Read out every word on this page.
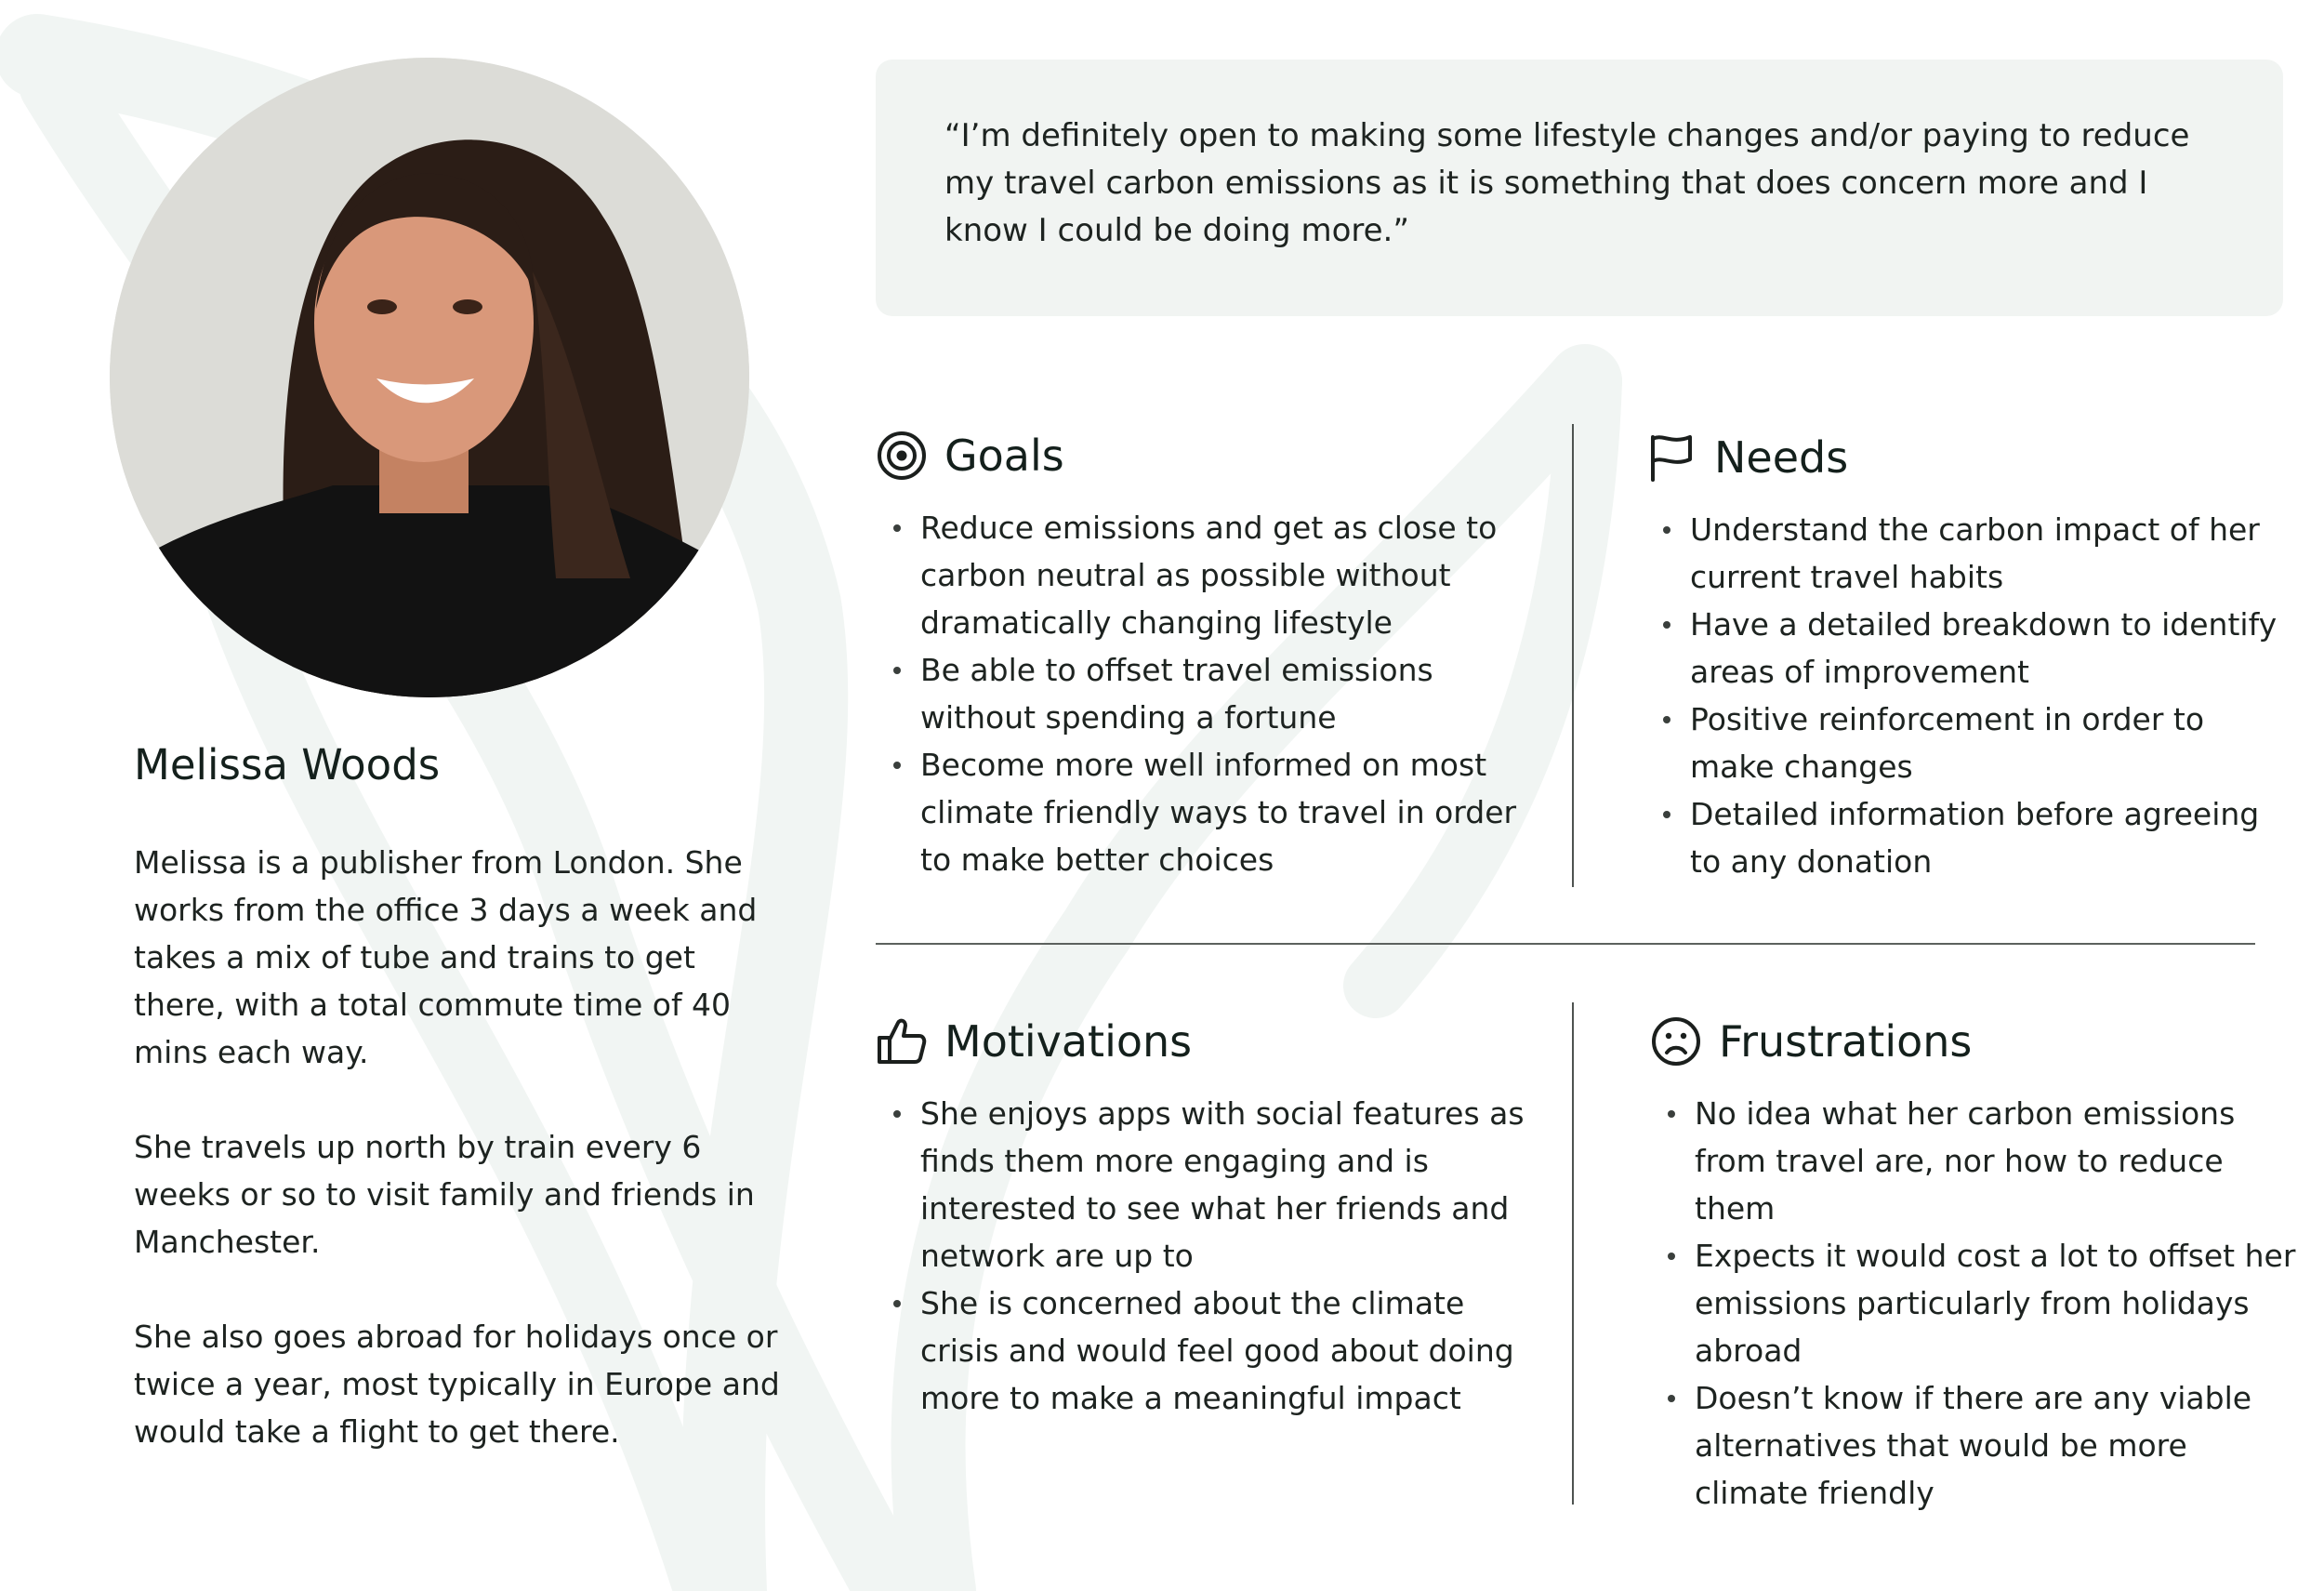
Melissa Woods

Melissa is a publisher from London. She works from the office 3 days a week and takes a mix of tube and trains to get there, with a total commute time of 40 mins each way.

She travels up north by train every 6 weeks or so to visit family and friends in Manchester.

She also goes abroad for holidays once or twice a year, most typically in Europe and would take a flight to get there.

“I’m definitely open to making some lifestyle changes and/or paying to reduce my travel carbon emissions as it is something that does concern more and I know I could be doing more.”
Goals
Reduce emissions and get as close to carbon neutral as possible without dramatically changing lifestyle
Be able to offset travel emissions without spending a fortune
Become more well informed on most climate friendly ways to travel in order to make better choices
Needs
Understand the carbon impact of her current travel habits
Have a detailed breakdown to identify areas of improvement
Positive reinforcement in order to make changes
Detailed information before agreeing to any donation
Motivations
She enjoys apps with social features as finds them more engaging and is interested to see what her friends and network are up to
She is concerned about the climate crisis and would feel good about doing more to make a meaningful impact
Frustrations
No idea what her carbon emissions from travel are, nor how to reduce them
Expects it would cost a lot to offset her emissions particularly from holidays abroad
Doesn’t know if there are any viable alternatives that would be more climate friendly
